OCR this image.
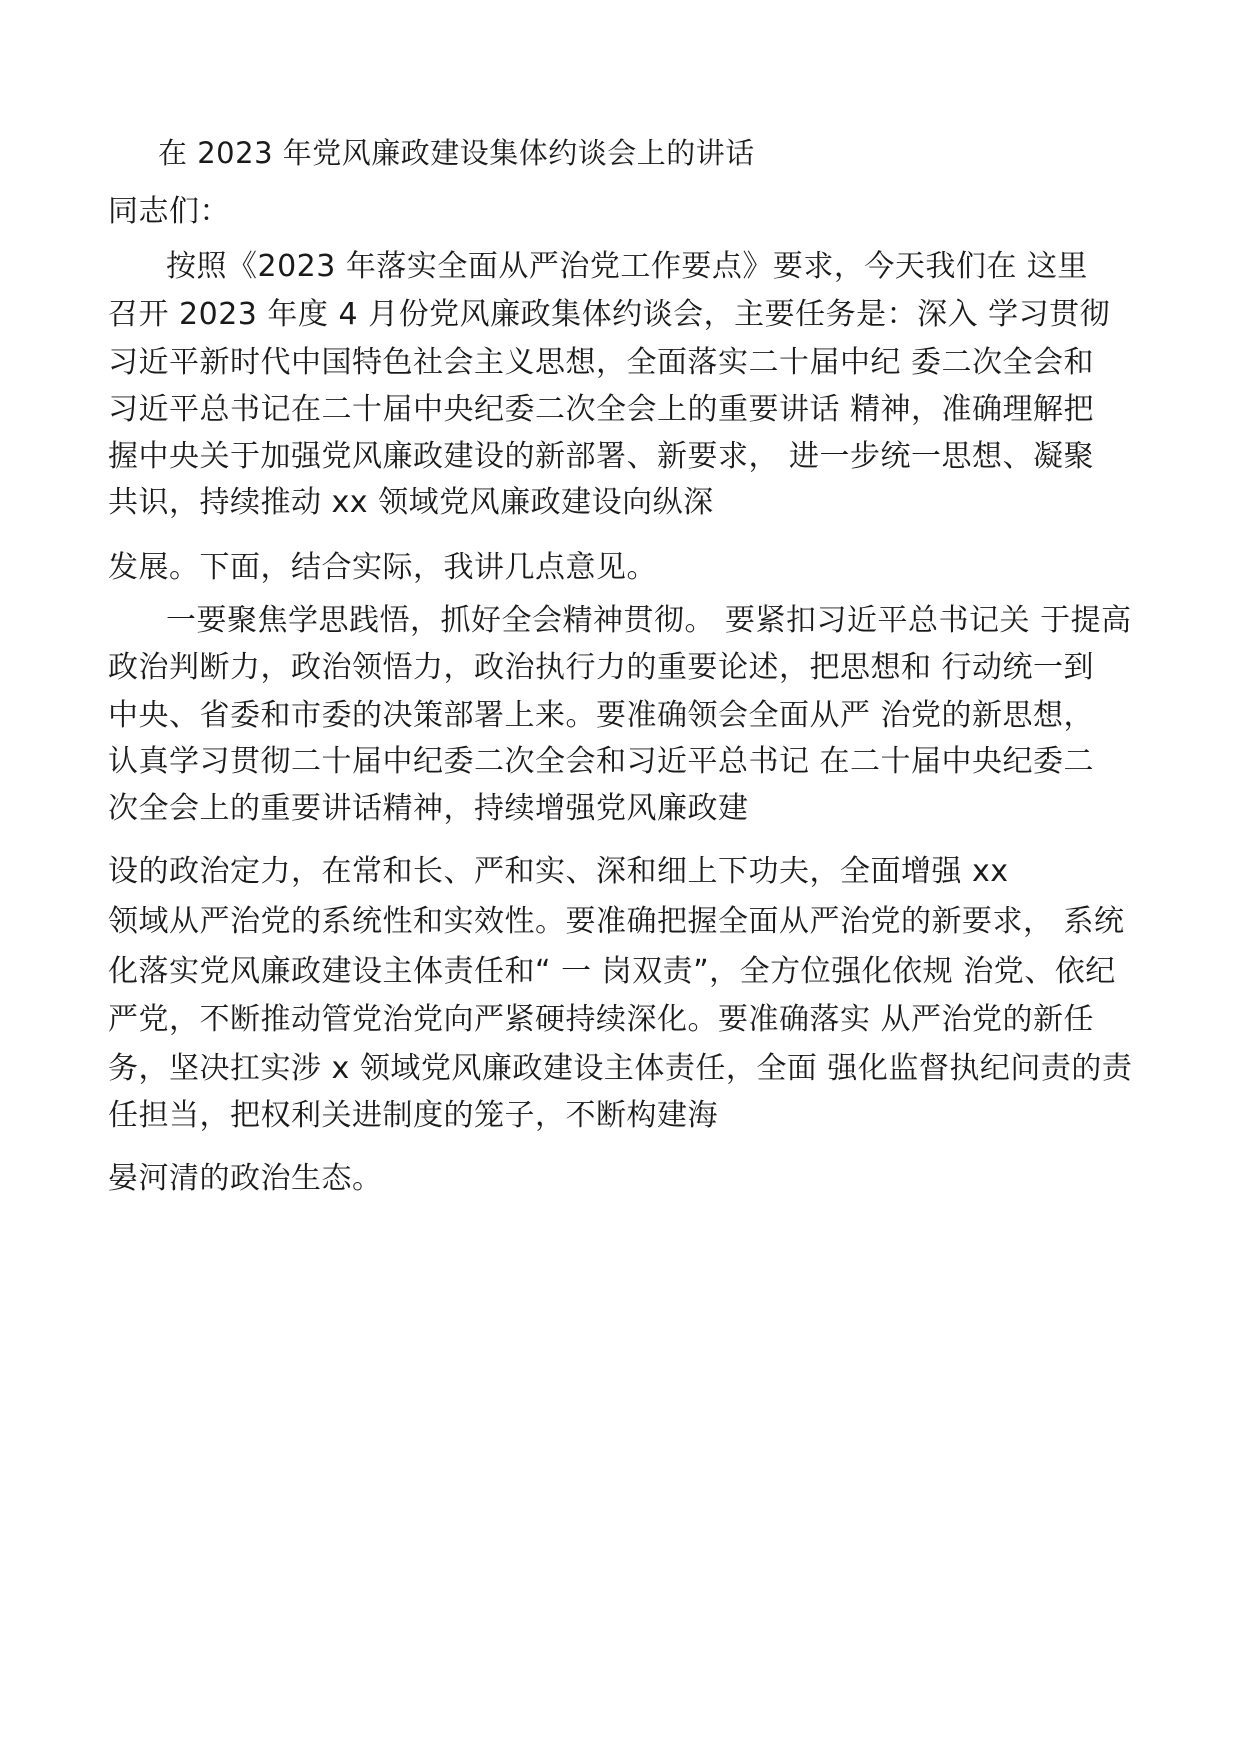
在 2023 年党风廉政建设集体约谈会上的讲话
同志们：
按照《2023 年落实全面从严治党工作要点》要求，今天我们在 这里
召开 2023 年度 4 月份党风廉政集体约谈会，主要任务是：深入 学习贯彻
习近平新时代中国特色社会主义思想，全面落实二十届中纪 委二次全会和
习近平总书记在二十届中央纪委二次全会上的重要讲话 精神，准确理解把
握中央关于加强党风廉政建设的新部署、新要求， 进一步统一思想、凝聚
共识，持续推动 xx 领域党风廉政建设向纵深
发展。下面，结合实际，我讲几点意见。
一要聚焦学思践悟，抓好全会精神贯彻。 要紧扣习近平总书记关 于提高
政治判断力，政治领悟力，政治执行力的重要论述，把思想和 行动统一到
中央、省委和市委的决策部署上来。要准确领会全面从严 治党的新思想，
认真学习贯彻二十届中纪委二次全会和习近平总书记 在二十届中央纪委二
次全会上的重要讲话精神，持续增强党风廉政建
设的政治定力，在常和长、严和实、深和细上下功夫，全面增强 xx
领域从严治党的系统性和实效性。要准确把握全面从严治党的新要求， 系统
化落实党风廉政建设主体责任和“ 一 岗双责”，全方位强化依规 治党、依纪
严党，不断推动管党治党向严紧硬持续深化。要准确落实 从严治党的新任
务，坚决扛实涉 x 领域党风廉政建设主体责任，全面 强化监督执纪问责的责
任担当，把权利关进制度的笼子，不断构建海
晏河清的政治生态。
